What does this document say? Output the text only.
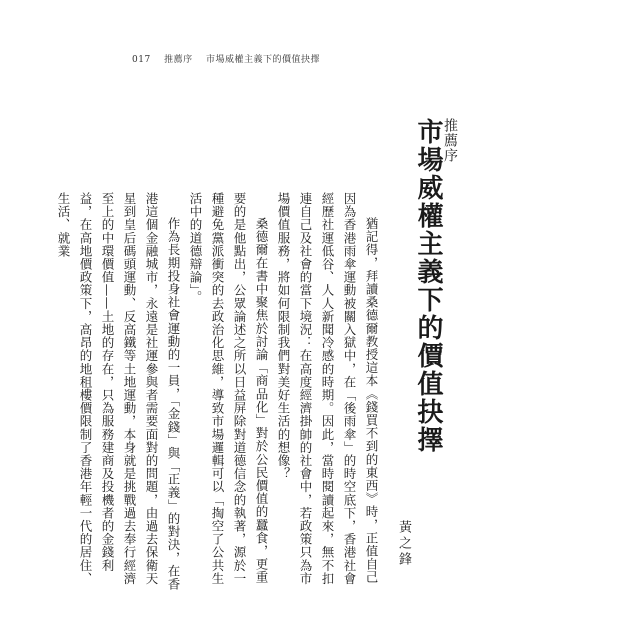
017 推薦序 市場威權主義下的價值抉擇
推薦序
市場威權主義下的價值抉擇
黃之鋒

猶記得，拜讀桑德爾教授這本《錢買不到的東西》時，正值自己因為香港雨傘運動被關入獄中，在「後雨傘」的時空底下，香港社會經歷社運低谷、人人新聞冷感的時期。因此，當時閱讀起來，無不扣連自己及社會的當下境況：在高度經濟掛帥的社會中，若政策只為市場價值服務，將如何限制我們對美好生活的想像？

桑德爾在書中聚焦於討論「商品化」對於公民價值的蠶食，更重要的是他點出，公眾論述之所以日益屏除對道德信念的執著，源於一種避免黨派衝突的去政治化思維，導致市場邏輯可以「掏空了公共生活中的道德辯論」。

作為長期投身社會運動的一員，「金錢」與「正義」的對決，在香港這個金融城市，永遠是社運參與者需要面對的問題，由過去保衛天星到皇后碼頭運動、反高鐵等土地運動，本身就是挑戰過去奉行經濟至上的中環價值——土地的存在，只為服務建商及投機者的金錢利益，在高地價政策下，高昂的地租樓價限制了香港年輕一代的居住、生活、就業
